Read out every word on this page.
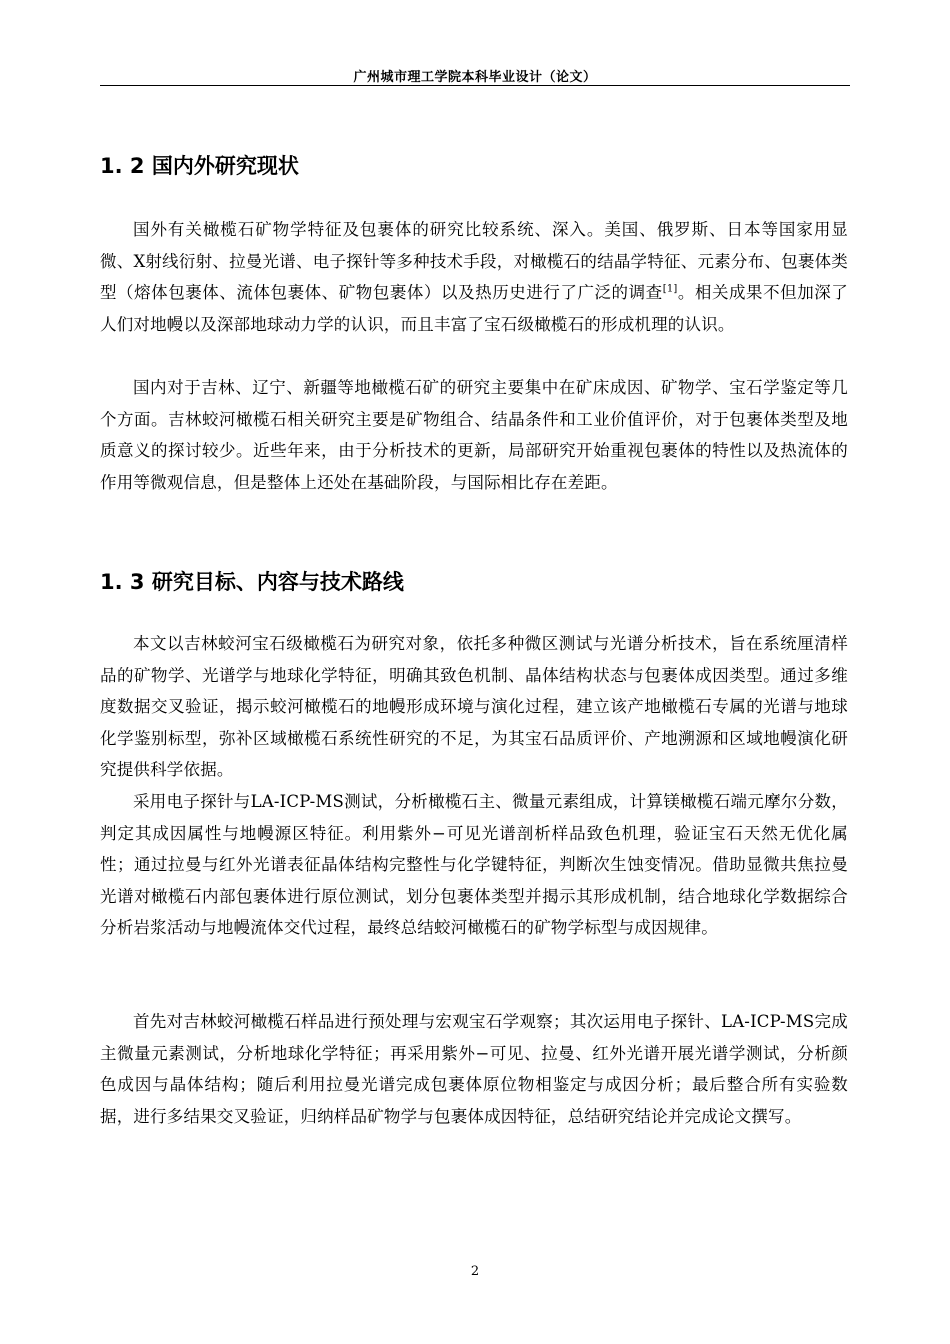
广州城市理工学院本科毕业设计（论文）
1. 2 国内外研究现状

国外有关橄榄石矿物学特征及包裹体的研究比较系统、深入。美国、俄罗斯、日本等国家用显微、X射线衍射、拉曼光谱、电子探针等多种技术手段，对橄榄石的结晶学特征、元素分布、包裹体类型（熔体包裹体、流体包裹体、矿物包裹体）以及热历史进行了广泛的调查[1]。相关成果不但加深了人们对地幔以及深部地球动力学的认识，而且丰富了宝石级橄榄石的形成机理的认识。

国内对于吉林、辽宁、新疆等地橄榄石矿的研究主要集中在矿床成因、矿物学、宝石学鉴定等几个方面。吉林蛟河橄榄石相关研究主要是矿物组合、结晶条件和工业价值评价，对于包裹体类型及地质意义的探讨较少。近些年来，由于分析技术的更新，局部研究开始重视包裹体的特性以及热流体的作用等微观信息，但是整体上还处在基础阶段，与国际相比存在差距。

1. 3 研究目标、内容与技术路线

本文以吉林蛟河宝石级橄榄石为研究对象，依托多种微区测试与光谱分析技术，旨在系统厘清样品的矿物学、光谱学与地球化学特征，明确其致色机制、晶体结构状态与包裹体成因类型。通过多维度数据交叉验证，揭示蛟河橄榄石的地幔形成环境与演化过程，建立该产地橄榄石专属的光谱与地球化学鉴别标型，弥补区域橄榄石系统性研究的不足，为其宝石品质评价、产地溯源和区域地幔演化研究提供科学依据。

采用电子探针与LA-ICP-MS测试，分析橄榄石主、微量元素组成，计算镁橄榄石端元摩尔分数，判定其成因属性与地幔源区特征。利用紫外−可见光谱剖析样品致色机理，验证宝石天然无优化属性；通过拉曼与红外光谱表征晶体结构完整性与化学键特征，判断次生蚀变情况。借助显微共焦拉曼光谱对橄榄石内部包裹体进行原位测试，划分包裹体类型并揭示其形成机制，结合地球化学数据综合分析岩浆活动与地幔流体交代过程，最终总结蛟河橄榄石的矿物学标型与成因规律。

首先对吉林蛟河橄榄石样品进行预处理与宏观宝石学观察；其次运用电子探针、LA-ICP-MS完成主微量元素测试，分析地球化学特征；再采用紫外−可见、拉曼、红外光谱开展光谱学测试，分析颜色成因与晶体结构；随后利用拉曼光谱完成包裹体原位物相鉴定与成因分析；最后整合所有实验数据，进行多结果交叉验证，归纳样品矿物学与包裹体成因特征，总结研究结论并完成论文撰写。

2
